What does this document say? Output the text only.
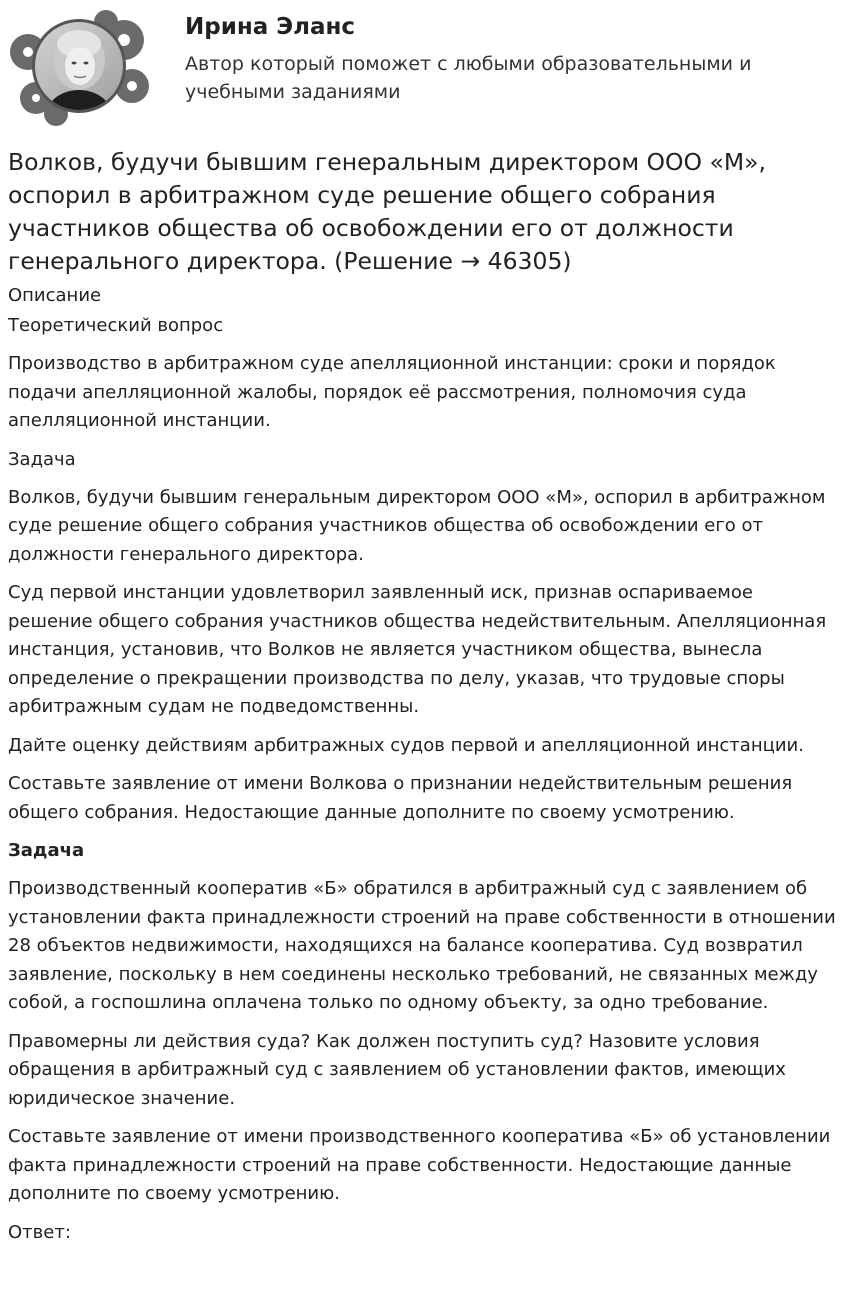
Ирина Эланс
Автор который поможет с любыми образовательными и учебными заданиями
Волков, будучи бывшим генеральным директором ООО «М», оспорил в арбитражном суде решение общего собрания участников общества об освобождении его от должности генерального директора. (Решение → 46305)

Описание

Теоретический вопрос

Производство в арбитражном суде апелляционной инстанции: сроки и порядок подачи апелляционной жалобы, порядок её рассмотрения, полномочия суда апелляционной инстанции.

Задача

Волков, будучи бывшим генеральным директором ООО «М», оспорил в арбитражном суде решение общего собрания участников общества об освобождении его от должности генерального директора.

Суд первой инстанции удовлетворил заявленный иск, признав оспариваемое решение общего собрания участников общества недействительным. Апелляционная инстанция, установив, что Волков не является участником общества, вынесла определение о прекращении производства по делу, указав, что трудовые споры арбитражным судам не подведомственны.

Дайте оценку действиям арбитражных судов первой и апелляционной инстанции.

Составьте заявление от имени Волкова о признании недействительным решения общего собрания. Недостающие данные дополните по своему усмотрению.

Задача

Производственный кооператив «Б» обратился в арбитражный суд с заявлением об установлении факта принадлежности строений на праве собственности в отношении 28 объектов недвижимости, находящихся на балансе кооператива. Суд возвратил заявление, поскольку в нем соединены несколько требований, не связанных между собой, а госпошлина оплачена только по одному объекту, за одно требование.

Правомерны ли действия суда? Как должен поступить суд? Назовите условия обращения в арбитражный суд с заявлением об установлении фактов, имеющих юридическое значение.

Составьте заявление от имени производственного кооператива «Б» об установлении факта принадлежности строений на праве собственности. Недостающие данные дополните по своему усмотрению.

Ответ:
